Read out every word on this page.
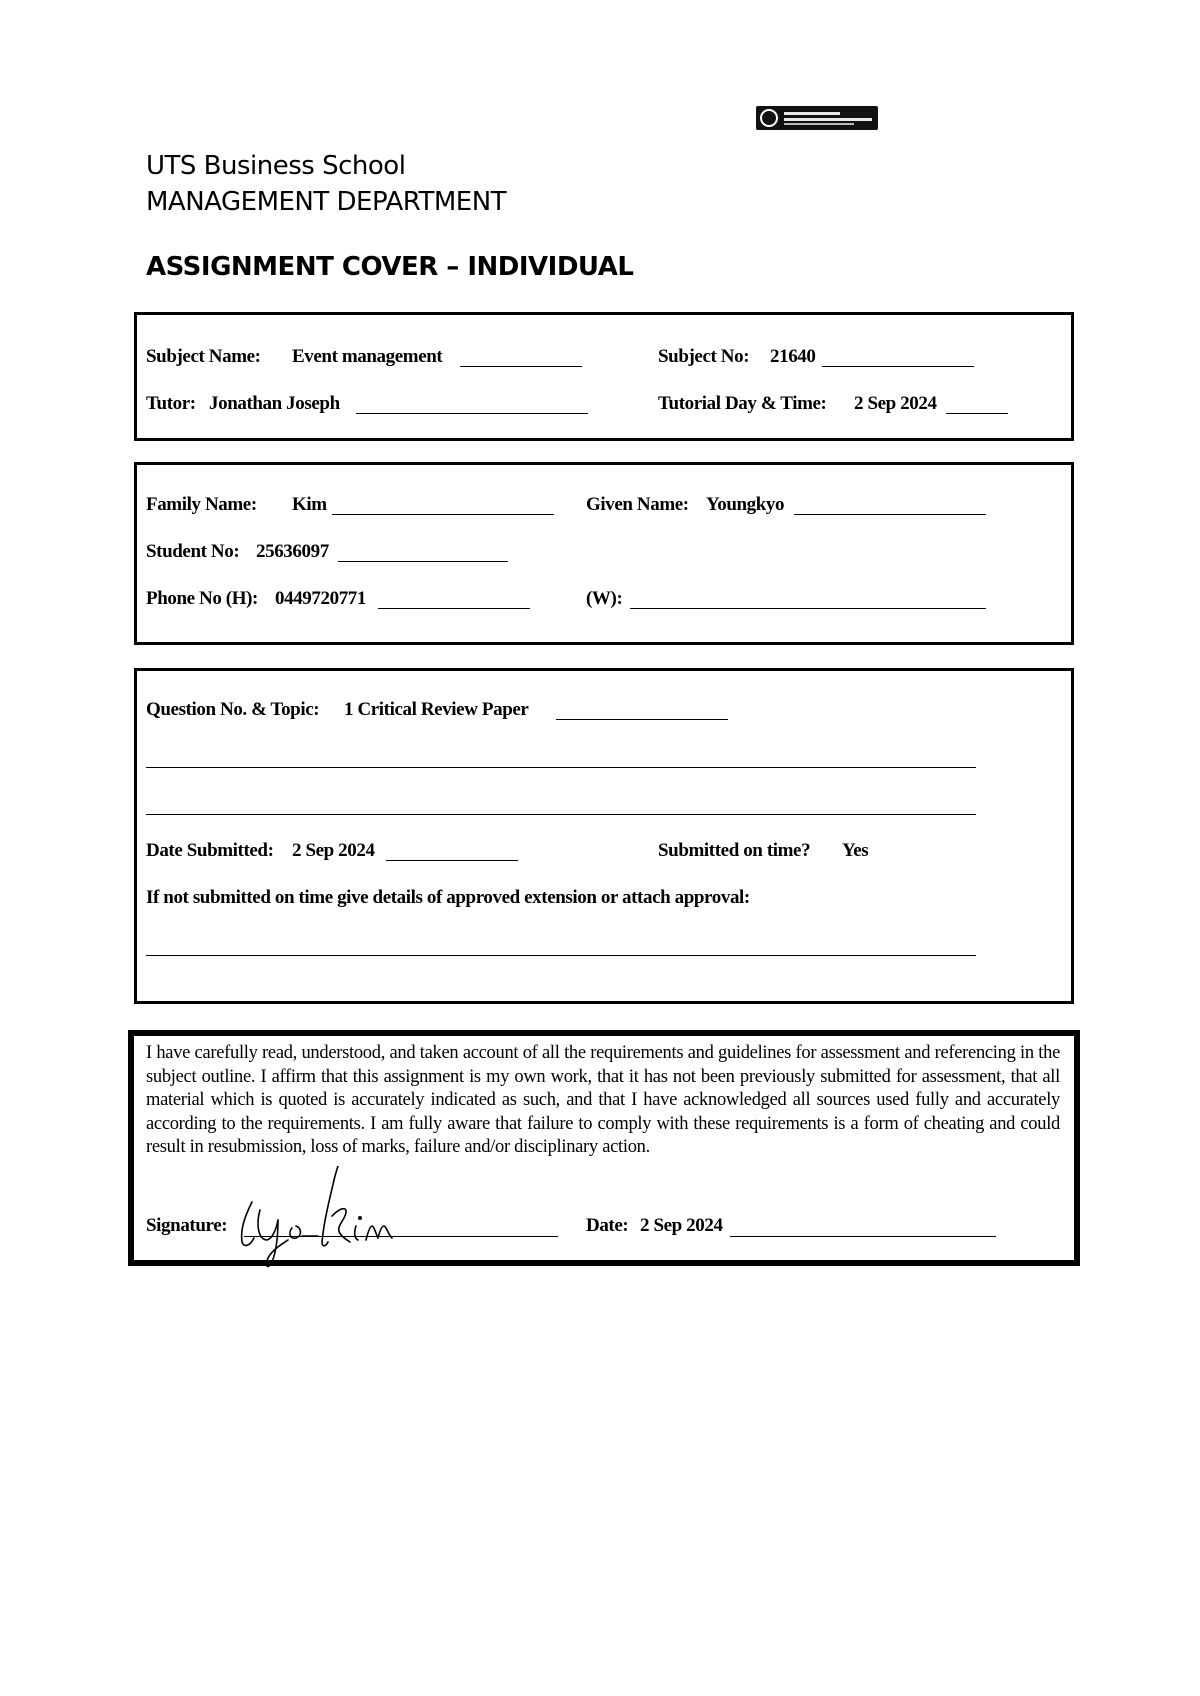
UTS Business School
MANAGEMENT DEPARTMENT
ASSIGNMENT COVER – INDIVIDUAL
Subject Name: Event management	Subject No: 21640
Tutor: Jonathan Joseph	Tutorial Day & Time: 2 Sep 2024
Family Name: Kim	Given Name: Youngkyo
Student No: 25636097
Phone No (H): 0449720771	(W):
Question No. & Topic: 1 Critical Review Paper
Date Submitted: 2 Sep 2024	Submitted on time? Yes
If not submitted on time give details of approved extension or attach approval:
I have carefully read, understood, and taken account of all the requirements and guidelines for assessment and referencing in the subject outline. I affirm that this assignment is my own work, that it has not been previously submitted for assessment, that all material which is quoted is accurately indicated as such, and that I have acknowledged all sources used fully and accurately according to the requirements. I am fully aware that failure to comply with these requirements is a form of cheating and could result in resubmission, loss of marks, failure and/or disciplinary action.
Signature:	Date: 2 Sep 2024
